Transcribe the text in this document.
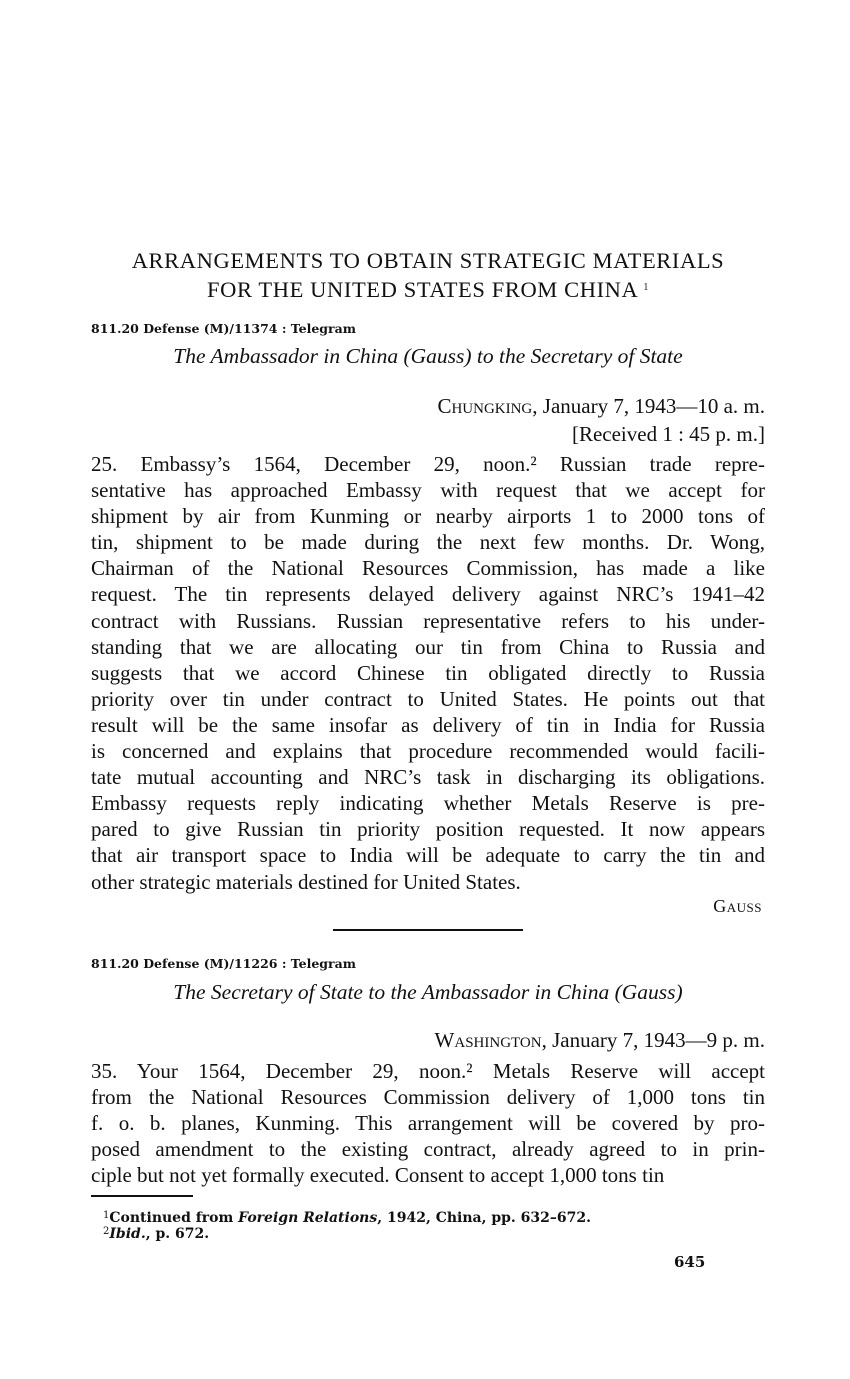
ARRANGEMENTS TO OBTAIN STRATEGIC MATERIALS
FOR THE UNITED STATES FROM CHINA $^1$
811.20 Defense (M)/11374 : Telegram
The Ambassador in China (Gauss) to the Secretary of State
Chungking, January 7, 1943—10 a. m.
[Received 1 : 45 p. m.]
25. Embassy’s 1564, December 29, noon.² Russian trade repre-
sentative has approached Embassy with request that we accept for
shipment by air from Kunming or nearby airports 1 to 2000 tons of
tin, shipment to be made during the next few months. Dr. Wong,
Chairman of the National Resources Commission, has made a like
request. The tin represents delayed delivery against NRC’s 1941–42
contract with Russians. Russian representative refers to his under-
standing that we are allocating our tin from China to Russia and
suggests that we accord Chinese tin obligated directly to Russia
priority over tin under contract to United States. He points out that
result will be the same insofar as delivery of tin in India for Russia
is concerned and explains that procedure recommended would facili-
tate mutual accounting and NRC’s task in discharging its obligations.
Embassy requests reply indicating whether Metals Reserve is pre-
pared to give Russian tin priority position requested. It now appears
that air transport space to India will be adequate to carry the tin and
other strategic materials destined for United States.
Gauss
811.20 Defense (M)/11226 : Telegram
The Secretary of State to the Ambassador in China (Gauss)
Washington, January 7, 1943—9 p. m.
35. Your 1564, December 29, noon.² Metals Reserve will accept
from the National Resources Commission delivery of 1,000 tons tin
f. o. b. planes, Kunming. This arrangement will be covered by pro-
posed amendment to the existing contract, already agreed to in prin-
ciple but not yet formally executed. Consent to accept 1,000 tons tin
$^1$Continued from Foreign Relations, 1942, China, pp. 632–672.
$^2$Ibid., p. 672.
645
